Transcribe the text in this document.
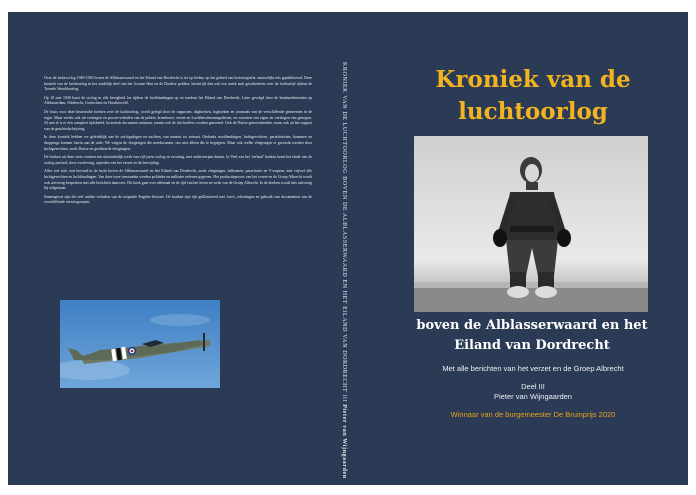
Over de luchtoorlog 1940-1945 boven de Alblasserwaard en het Eiland van Dordrecht is tot op heden, op het gebied van historiografie, nauwelijks iets gepubliceerd. Deze kroniek van de luchtoorlog in het zuidelijk deel van het Groene Hart en de Dordtse polders, beschrijft dan ook een uniek stuk geschiedenis over de luchtstrijd tijdens de Tweede Wereldoorlog.

Op 10 mei 1940 barst de oorlog in alle hevigheid los tijdens de luchtlandingen op en rondom het Eiland van Dordrecht. Later gevolgd door de bombardementen op Alblasserdam, Sliedrecht, Gorinchem en Hardinxveld.

De basis voor deze historische boeken over de luchtoorlog, wordt gelegd door de rapporten, dagboeken, logboeken en journaals van de verschillende gemeenten in de regio. Maar verder ook uit verslagen en proces-verbalen van de politie, brandweer, verzet en Luchtbeschermingsdienst, en voorzien van eigen uit verslagen van getuigen. Al met al is er een compleet tijdsbeeld, historisch document ontstaan, waarin ook de slachtoffers worden genoemd. Ook de Duitse gemeenteraden, maar ook uit het rapport van de geschiedschrijving.

In deze kroniek hebben we geleidelijk aan de oorlogsdagen en nachten, van minuut tot minuut. Ondanks noodlandingen, luchtgevechten, parachutisten, bommen en droppings kunnen hierin aan de orde. We volgen de vliegtuigen die neerkwamen, ons niet alleen die te begrijpen. Maar ook welke vliegtuigen er gecrasht werden door luchtgevechten, zoals Duitse en geallieerde vliegtuigen.

De boeken uit deze serie vormen een uitzonderlijk werk van vijf jaren oorlog en ervaring, met onderwerpen daarin. In Veel van het 'verhaal' boeken komt het einde van de oorlog aan bod, door overleving, optreden van het verzet en de bevrijding.

Alles wat zich ooit bevond in de lucht boven de Alblasserwaard en het Eiland van Dordrecht, zoals vliegtuigen, ballonnen, parachutes en V-wapens, met vrijwel alle luchtgevechten en luchtlandingen. Van deze twee toestanden werden politieke en militaire redenen gegeven. Het productieproces van het verzet en de Groep Albrecht wordt ook uitvoerig besproken met alle berichten daarover. Dit boek gaat over allemaal en de tijd van het leven en werk van de Groep Albrecht. In de boeken wordt hier uitvoerig bij stilgestaan.

Samengevat zijn dit veel unieke verhalen van de originele Engelse historie. De boeken zijn rijk geïllustreerd met foto's, tekeningen en gebruik van documenten van de verschillende verzetsgroepen.	KRONIEK VAN DE LUCHTOORLOG BOVEN DE ALBLASSERWAARD EN HET EILAND VAN DORDRECHT III Pieter van Wijngaarden
Kroniek van de
luchtoorlog
boven de Alblasserwaard en het
Eiland van Dordrecht
Met alle berichten van het verzet en de Groep Albrecht
Deel III
Pieter van Wijngaarden
Winnaar van de burgemeester De Bruinprijs 2020
